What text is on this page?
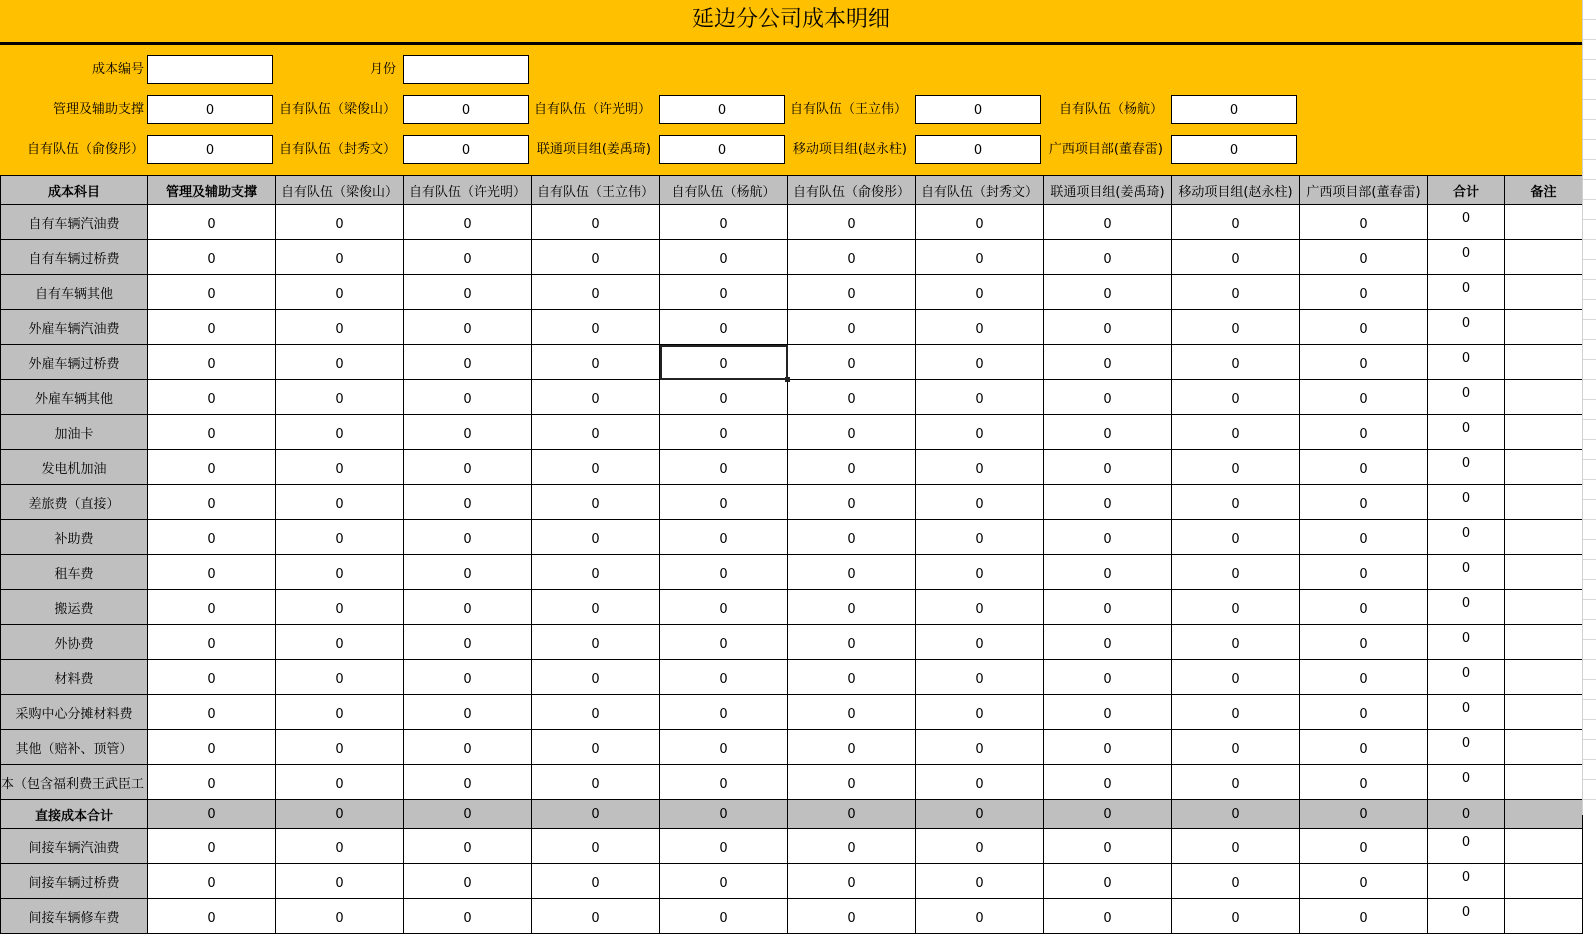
延边分公司成本明细
成本编号	月份
管理及辅助支撑	0	自有队伍（梁俊山）	0	自有队伍（许光明）	0	自有队伍（王立伟）	0	自有队伍（杨航）	0
自有队伍（俞俊彤）	0	自有队伍（封秀文）	0	联通项目组(姜禹琦)	0	移动项目组(赵永柱)	0	广西项目部(董春雷)	0
成本科目	管理及辅助支撑	自有队伍（梁俊山）	自有队伍（许光明）	自有队伍（王立伟）	自有队伍（杨航）	自有队伍（俞俊彤）	自有队伍（封秀文）	联通项目组(姜禹琦)	移动项目组(赵永柱)	广西项目部(董春雷)	合计	备注
自有车辆汽油费	0	0	0	0	0	0	0	0	0	0	0	
自有车辆过桥费	0	0	0	0	0	0	0	0	0	0	0	
自有车辆其他	0	0	0	0	0	0	0	0	0	0	0	
外雇车辆汽油费	0	0	0	0	0	0	0	0	0	0	0	
外雇车辆过桥费	0	0	0	0	0	0	0	0	0	0	0	
外雇车辆其他	0	0	0	0	0	0	0	0	0	0	0	
加油卡	0	0	0	0	0	0	0	0	0	0	0	
发电机加油	0	0	0	0	0	0	0	0	0	0	0	
差旅费（直接）	0	0	0	0	0	0	0	0	0	0	0	
补助费	0	0	0	0	0	0	0	0	0	0	0	
租车费	0	0	0	0	0	0	0	0	0	0	0	
搬运费	0	0	0	0	0	0	0	0	0	0	0	
外协费	0	0	0	0	0	0	0	0	0	0	0	
材料费	0	0	0	0	0	0	0	0	0	0	0	
采购中心分摊材料费	0	0	0	0	0	0	0	0	0	0	0	
其他（赔补、顶管）	0	0	0	0	0	0	0	0	0	0	0	
本（包含福利费王武臣工	0	0	0	0	0	0	0	0	0	0	0	
直接成本合计	0	0	0	0	0	0	0	0	0	0	0	
间接车辆汽油费	0	0	0	0	0	0	0	0	0	0	0	
间接车辆过桥费	0	0	0	0	0	0	0	0	0	0	0	
间接车辆修车费	0	0	0	0	0	0	0	0	0	0	0	
